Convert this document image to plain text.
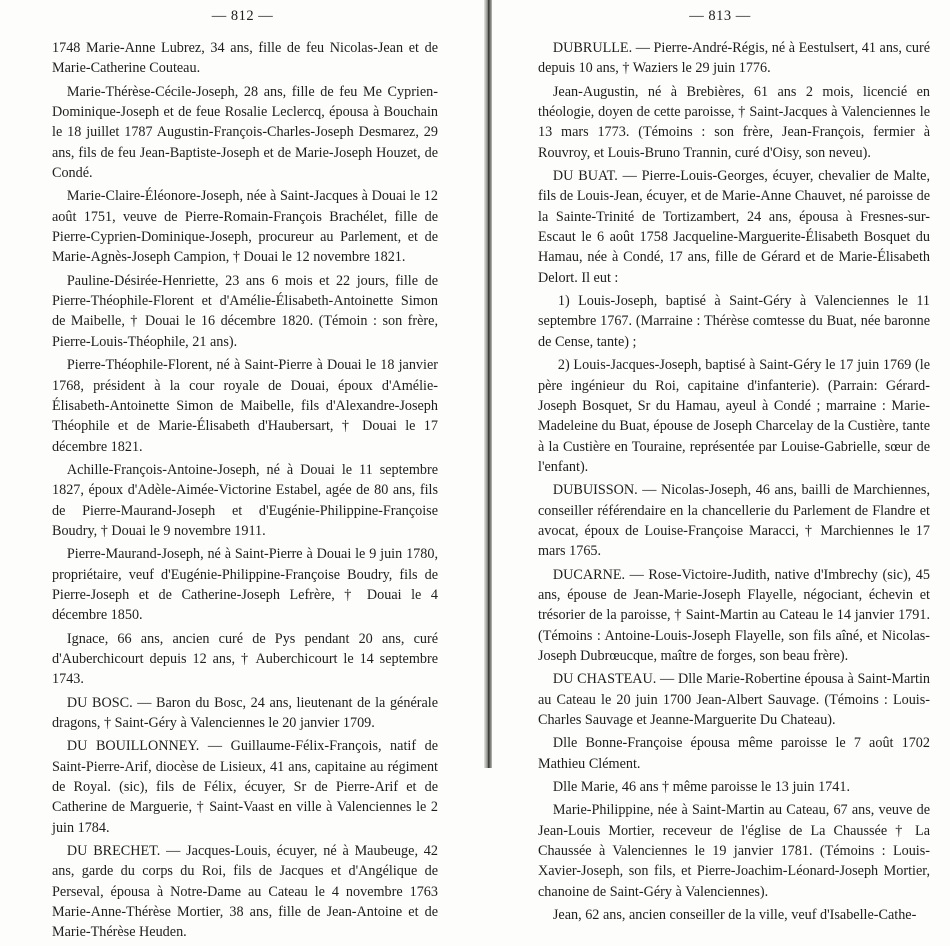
— 812 —

1748 Marie-Anne Lubrez, 34 ans, fille de feu Nicolas-Jean et de Marie-Catherine Couteau.

Marie-Thérèse-Cécile-Joseph, 28 ans, fille de feu Me Cyprien-Dominique-Joseph et de feue Rosalie Leclercq, épousa à Bouchain le 18 juillet 1787 Augustin-François-Charles-Joseph Desmarez, 29 ans, fils de feu Jean-Baptiste-Joseph et de Marie-Joseph Houzet, de Condé.

Marie-Claire-Éléonore-Joseph, née à Saint-Jacques à Douai le 12 août 1751, veuve de Pierre-Romain-François Brachélet, fille de Pierre-Cyprien-Dominique-Joseph, procureur au Parlement, et de Marie-Agnès-Joseph Campion, † Douai le 12 novembre 1821.

Pauline-Désirée-Henriette, 23 ans 6 mois et 22 jours, fille de Pierre-Théophile-Florent et d'Amélie-Élisabeth-Antoinette Simon de Maibelle, † Douai le 16 décembre 1820. (Témoin : son frère, Pierre-Louis-Théophile, 21 ans).

Pierre-Théophile-Florent, né à Saint-Pierre à Douai le 18 janvier 1768, président à la cour royale de Douai, époux d'Amélie-Élisabeth-Antoinette Simon de Maibelle, fils d'Alexandre-Joseph Théophile et de Marie-Élisabeth d'Haubersart, † Douai le 17 décembre 1821.

Achille-François-Antoine-Joseph, né à Douai le 11 septembre 1827, époux d'Adèle-Aimée-Victorine Estabel, agée de 80 ans, fils de Pierre-Maurand-Joseph et d'Eugénie-Philippine-Françoise Boudry, † Douai le 9 novembre 1911.

Pierre-Maurand-Joseph, né à Saint-Pierre à Douai le 9 juin 1780, propriétaire, veuf d'Eugénie-Philippine-Françoise Boudry, fils de Pierre-Joseph et de Catherine-Joseph Lefrère, † Douai le 4 décembre 1850.

Ignace, 66 ans, ancien curé de Pys pendant 20 ans, curé d'Auberchicourt depuis 12 ans, † Auberchicourt le 14 septembre 1743.

DU BOSC. — Baron du Bosc, 24 ans, lieutenant de la générale dragons, † Saint-Géry à Valenciennes le 20 janvier 1709.

DU BOUILLONNEY. — Guillaume-Félix-François, natif de Saint-Pierre-Arif, diocèse de Lisieux, 41 ans, capitaine au régiment de Royal. (sic), fils de Félix, écuyer, Sr de Pierre-Arif et de Catherine de Marguerie, † Saint-Vaast en ville à Valenciennes le 2 juin 1784.

DU BRECHET. — Jacques-Louis, écuyer, né à Maubeuge, 42 ans, garde du corps du Roi, fils de Jacques et d'Angélique de Perseval, épousa à Notre-Dame au Cateau le 4 novembre 1763 Marie-Anne-Thérèse Mortier, 38 ans, fille de Jean-Antoine et de Marie-Thérèse Heuden.

— 813 —

DUBRULLE. — Pierre-André-Régis, né à Eestulsert, 41 ans, curé depuis 10 ans, † Waziers le 29 juin 1776.

Jean-Augustin, né à Brebières, 61 ans 2 mois, licencié en théologie, doyen de cette paroisse, † Saint-Jacques à Valenciennes le 13 mars 1773. (Témoins : son frère, Jean-François, fermier à Rouvroy, et Louis-Bruno Trannin, curé d'Oisy, son neveu).

DU BUAT. — Pierre-Louis-Georges, écuyer, chevalier de Malte, fils de Louis-Jean, écuyer, et de Marie-Anne Chauvet, né paroisse de la Sainte-Trinité de Tortizambert, 24 ans, épousa à Fresnes-sur-Escaut le 6 août 1758 Jacqueline-Marguerite-Élisabeth Bosquet du Hamau, née à Condé, 17 ans, fille de Gérard et de Marie-Élisabeth Delort. Il eut :

1) Louis-Joseph, baptisé à Saint-Géry à Valenciennes le 11 septembre 1767. (Marraine : Thérèse comtesse du Buat, née baronne de Cense, tante) ;

2) Louis-Jacques-Joseph, baptisé à Saint-Géry le 17 juin 1769 (le père ingénieur du Roi, capitaine d'infanterie). (Parrain: Gérard-Joseph Bosquet, Sr du Hamau, ayeul à Condé ; marraine : Marie-Madeleine du Buat, épouse de Joseph Charcelay de la Custière, tante à la Custière en Touraine, représentée par Louise-Gabrielle, sœur de l'enfant).

DUBUISSON. — Nicolas-Joseph, 46 ans, bailli de Marchiennes, conseiller référendaire en la chancellerie du Parlement de Flandre et avocat, époux de Louise-Françoise Maracci, † Marchiennes le 17 mars 1765.

DUCARNE. — Rose-Victoire-Judith, native d'Imbrechy (sic), 45 ans, épouse de Jean-Marie-Joseph Flayelle, négociant, échevin et trésorier de la paroisse, † Saint-Martin au Cateau le 14 janvier 1791. (Témoins : Antoine-Louis-Joseph Flayelle, son fils aîné, et Nicolas-Joseph Dubrœucque, maître de forges, son beau frère).

DU CHASTEAU. — Dlle Marie-Robertine épousa à Saint-Martin au Cateau le 20 juin 1700 Jean-Albert Sauvage. (Témoins : Louis-Charles Sauvage et Jeanne-Marguerite Du Chateau).

Dlle Bonne-Françoise épousa même paroisse le 7 août 1702 Mathieu Clément.

Dlle Marie, 46 ans † même paroisse le 13 juin 1741.

Marie-Philippine, née à Saint-Martin au Cateau, 67 ans, veuve de Jean-Louis Mortier, receveur de l'église de La Chaussée † La Chaussée à Valenciennes le 19 janvier 1781. (Témoins : Louis-Xavier-Joseph, son fils, et Pierre-Joachim-Léonard-Joseph Mortier, chanoine de Saint-Géry à Valenciennes).

Jean, 62 ans, ancien conseiller de la ville, veuf d'Isabelle-Cathe-
